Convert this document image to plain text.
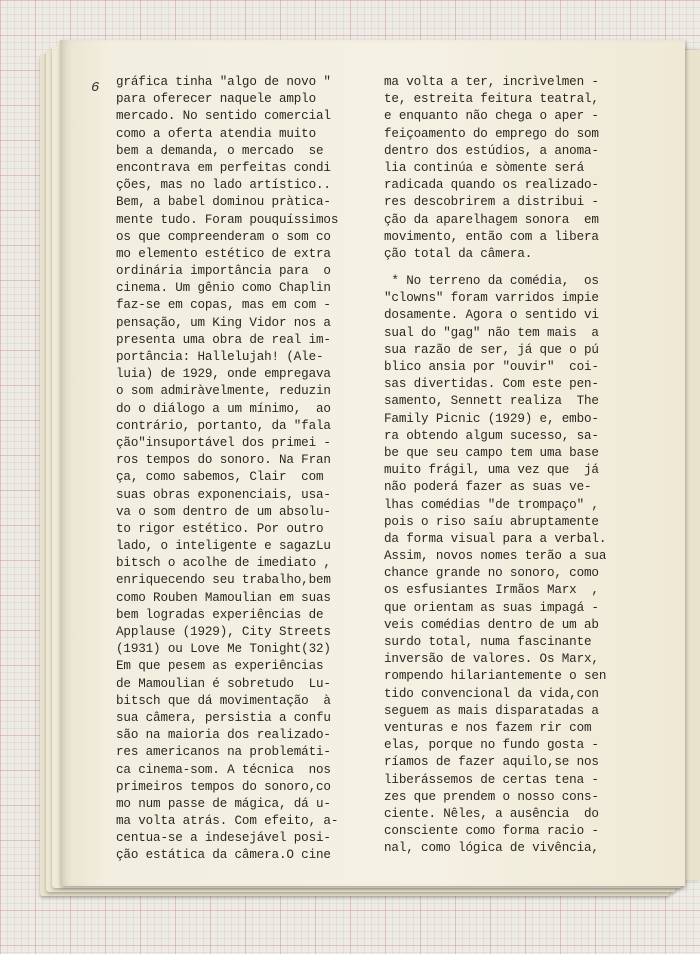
6 gráfica tinha "algo de novo "
para oferecer naquele amplo
mercado. No sentido comercial
como a oferta atendia muito
bem a demanda, o mercado  se
encontrava em perfeitas condi
ções, mas no lado artístico..
Bem, a babel dominou pràtica-
mente tudo. Foram pouquíssimos
os que compreenderam o som co
mo elemento estético de extra
ordinária importância para  o
cinema. Um gênio como Chaplin
faz-se em copas, mas em com -
pensação, um King Vidor nos a
presenta uma obra de real im-
portância: Hallelujah! (Ale-
luia) de 1929, onde empregava
o som admiràvelmente, reduzin
do o diálogo a um mínimo,  ao
contrário, portanto, da "fala
ção"insuportável dos primei -
ros tempos do sonoro. Na Fran
ça, como sabemos, Clair  com
suas obras exponenciais, usa-
va o som dentro de um absolu-
to rigor estético. Por outro
lado, o inteligente e sagazLu
bitsch o acolhe de imediato ,
enriquecendo seu trabalho,bem
como Rouben Mamoulian em suas
bem logradas experiências de
Applause (1929), City Streets
(1931) ou Love Me Tonight(32)
Em que pesem as experiências
de Mamoulian é sobretudo  Lu-
bitsch que dá movimentação  à
sua câmera, persistia a confu
são na maioria dos realizado-
res americanos na problemáti-
ca cinema-som. A técnica  nos
primeiros tempos do sonoro,co
mo num passe de mágica, dá u-
ma volta atrás. Com efeito, a-
centua-se a indesejável posi-
ção estática da câmera.O cine
ma volta a ter, incrìvelmen -
te, estreita feitura teatral,
e enquanto não chega o aper -
feiçoamento do emprego do som
dentro dos estúdios, a anoma-
lia continúa e sòmente será
radicada quando os realizado-
res descobrirem a distribui -
ção da aparelhagem sonora  em
movimento, então com a libera
ção total da câmera.
* No terreno da comédia,  os
"clowns" foram varridos impie
dosamente. Agora o sentido vi
sual do "gag" não tem mais  a
sua razão de ser, já que o pú
blico ansia por "ouvir"  coi-
sas divertidas. Com este pen-
samento, Sennett realiza  The
Family Picnic (1929) e, embo-
ra obtendo algum sucesso, sa-
be que seu campo tem uma base
muito frágil, uma vez que  já
não poderá fazer as suas ve-
lhas comédias "de trompaço" ,
pois o riso saíu abruptamente
da forma visual para a verbal.
Assim, novos nomes terão a sua
chance grande no sonoro, como
os esfusiantes Irmãos Marx  ,
que orientam as suas impagá -
veis comédias dentro de um ab
surdo total, numa fascinante
inversão de valores. Os Marx,
rompendo hilariantemente o sen
tido convencional da vida,con
seguem as mais disparatadas a
venturas e nos fazem rir com
elas, porque no fundo gosta -
ríamos de fazer aquilo,se nos
liberássemos de certas tena -
zes que prendem o nosso cons-
ciente. Nêles, a ausência  do
consciente como forma racio -
nal, como lógica de vivência,
